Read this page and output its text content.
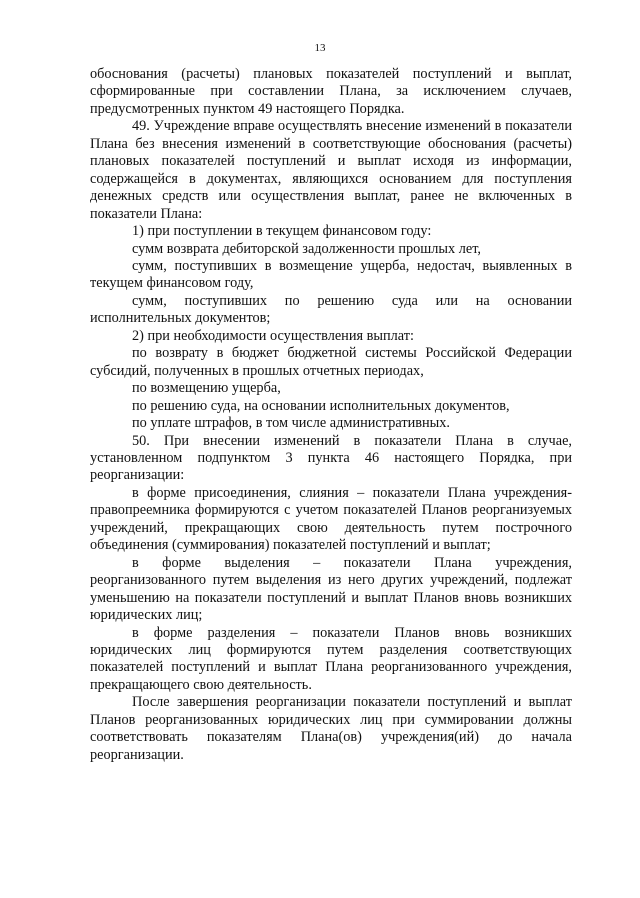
13

обоснования (расчеты) плановых показателей поступлений и выплат, сформированные при составлении Плана, за исключением случаев, предусмотренных пунктом 49 настоящего Порядка.

49. Учреждение вправе осуществлять внесение изменений в показатели Плана без внесения изменений в соответствующие обоснования (расчеты) плановых показателей поступлений и выплат исходя из информации, содержащейся в документах, являющихся основанием для поступления денежных средств или осуществления выплат, ранее не включенных в показатели Плана:

1) при поступлении в текущем финансовом году:

сумм возврата дебиторской задолженности прошлых лет,

сумм, поступивших в возмещение ущерба, недостач, выявленных в текущем финансовом году,

сумм, поступивших по решению суда или на основании исполнительных документов;

2) при необходимости осуществления выплат:

по возврату в бюджет бюджетной системы Российской Федерации субсидий, полученных в прошлых отчетных периодах,

по возмещению ущерба,

по решению суда, на основании исполнительных документов,

по уплате штрафов, в том числе административных.

50. При внесении изменений в показатели Плана в случае, установленном подпунктом 3 пункта 46 настоящего Порядка, при реорганизации:

в форме присоединения, слияния – показатели Плана учреждения-правопреемника формируются с учетом показателей Планов реорганизуемых учреждений, прекращающих свою деятельность путем построчного объединения (суммирования) показателей поступлений и выплат;

в форме выделения – показатели Плана учреждения, реорганизованного путем выделения из него других учреждений, подлежат уменьшению на показатели поступлений и выплат Планов вновь возникших юридических лиц;

в форме разделения – показатели Планов вновь возникших юридических лиц формируются путем разделения соответствующих показателей поступлений и выплат Плана реорганизованного учреждения, прекращающего свою деятельность.

После завершения реорганизации показатели поступлений и выплат Планов реорганизованных юридических лиц при суммировании должны соответствовать показателям Плана(ов) учреждения(ий) до начала реорганизации.
